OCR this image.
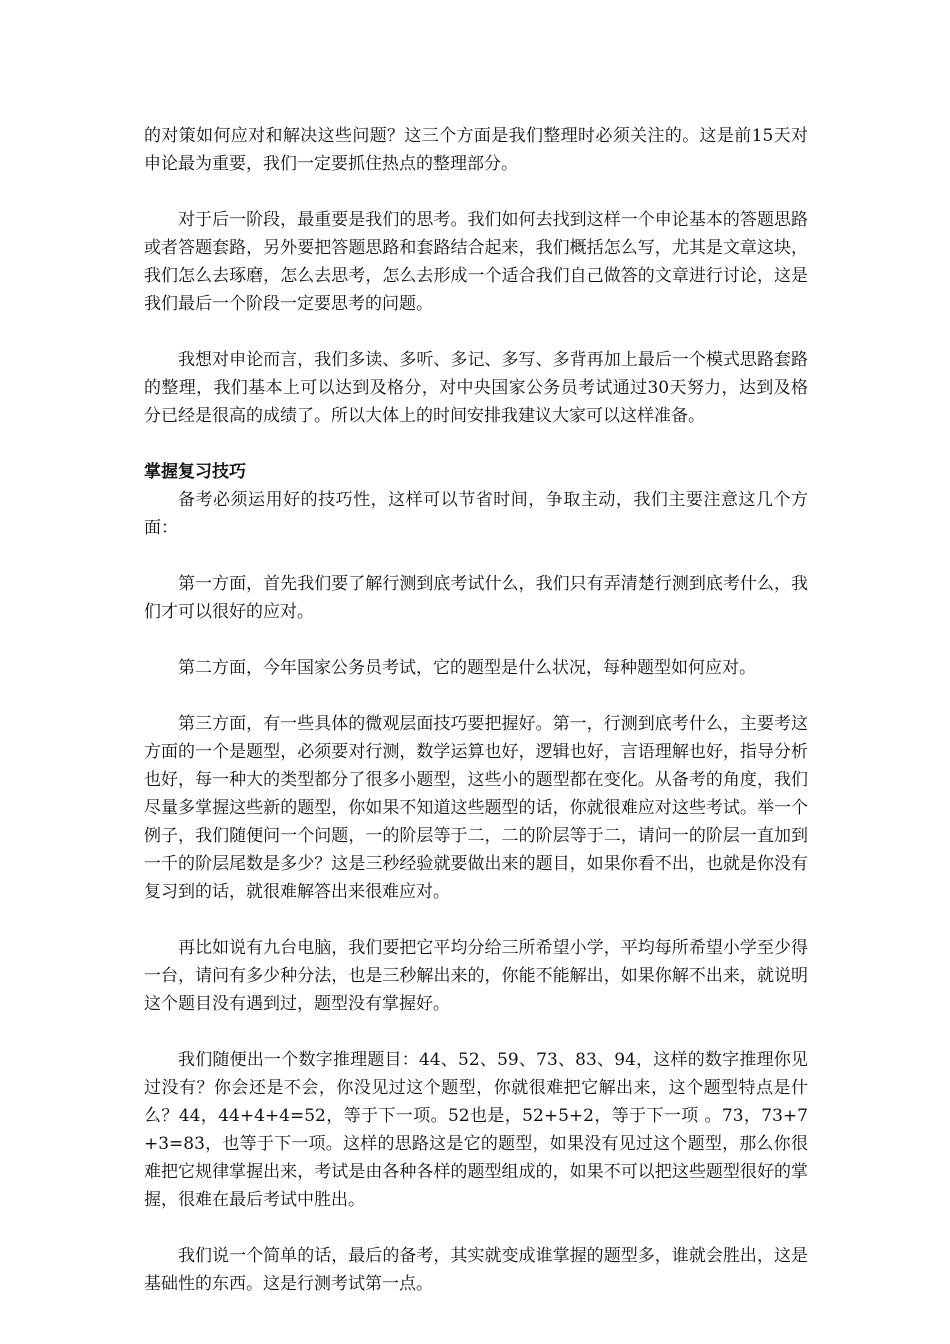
的对策如何应对和解决这些问题？这三个方面是我们整理时必须关注的。这是前15天对申论最为重要，我们一定要抓住热点的整理部分。

对于后一阶段，最重要是我们的思考。我们如何去找到这样一个申论基本的答题思路或者答题套路，另外要把答题思路和套路结合起来，我们概括怎么写，尤其是文章这块，我们怎么去琢磨，怎么去思考，怎么去形成一个适合我们自己做答的文章进行讨论，这是我们最后一个阶段一定要思考的问题。

我想对申论而言，我们多读、多听、多记、多写、多背再加上最后一个模式思路套路的整理，我们基本上可以达到及格分，对中央国家公务员考试通过30天努力，达到及格分已经是很高的成绩了。所以大体上的时间安排我建议大家可以这样准备。

掌握复习技巧

备考必须运用好的技巧性，这样可以节省时间，争取主动，我们主要注意这几个方面：

第一方面，首先我们要了解行测到底考试什么，我们只有弄清楚行测到底考什么，我们才可以很好的应对。

第二方面，今年国家公务员考试，它的题型是什么状况，每种题型如何应对。

第三方面，有一些具体的微观层面技巧要把握好。第一，行测到底考什么，主要考这方面的一个是题型，必须要对行测，数学运算也好，逻辑也好，言语理解也好，指导分析也好，每一种大的类型都分了很多小题型，这些小的题型都在变化。从备考的角度，我们尽量多掌握这些新的题型，你如果不知道这些题型的话，你就很难应对这些考试。举一个例子，我们随便问一个问题，一的阶层等于二，二的阶层等于二，请问一的阶层一直加到一千的阶层尾数是多少？这是三秒经验就要做出来的题目，如果你看不出，也就是你没有复习到的话，就很难解答出来很难应对。

再比如说有九台电脑，我们要把它平均分给三所希望小学，平均每所希望小学至少得一台，请问有多少种分法，也是三秒解出来的，你能不能解出，如果你解不出来，就说明这个题目没有遇到过，题型没有掌握好。

我们随便出一个数字推理题目：44、52、59、73、83、94，这样的数字推理你见过没有？你会还是不会，你没见过这个题型，你就很难把它解出来，这个题型特点是什么？44，44+4+4=52，等于下一项。52也是，52+5+2，等于下一项 。73，73+7+3=83，也等于下一项。这样的思路这是它的题型，如果没有见过这个题型，那么你很难把它规律掌握出来，考试是由各种各样的题型组成的，如果不可以把这些题型很好的掌握，很难在最后考试中胜出。

我们说一个简单的话，最后的备考，其实就变成谁掌握的题型多，谁就会胜出，这是基础性的东西。这是行测考试第一点。
